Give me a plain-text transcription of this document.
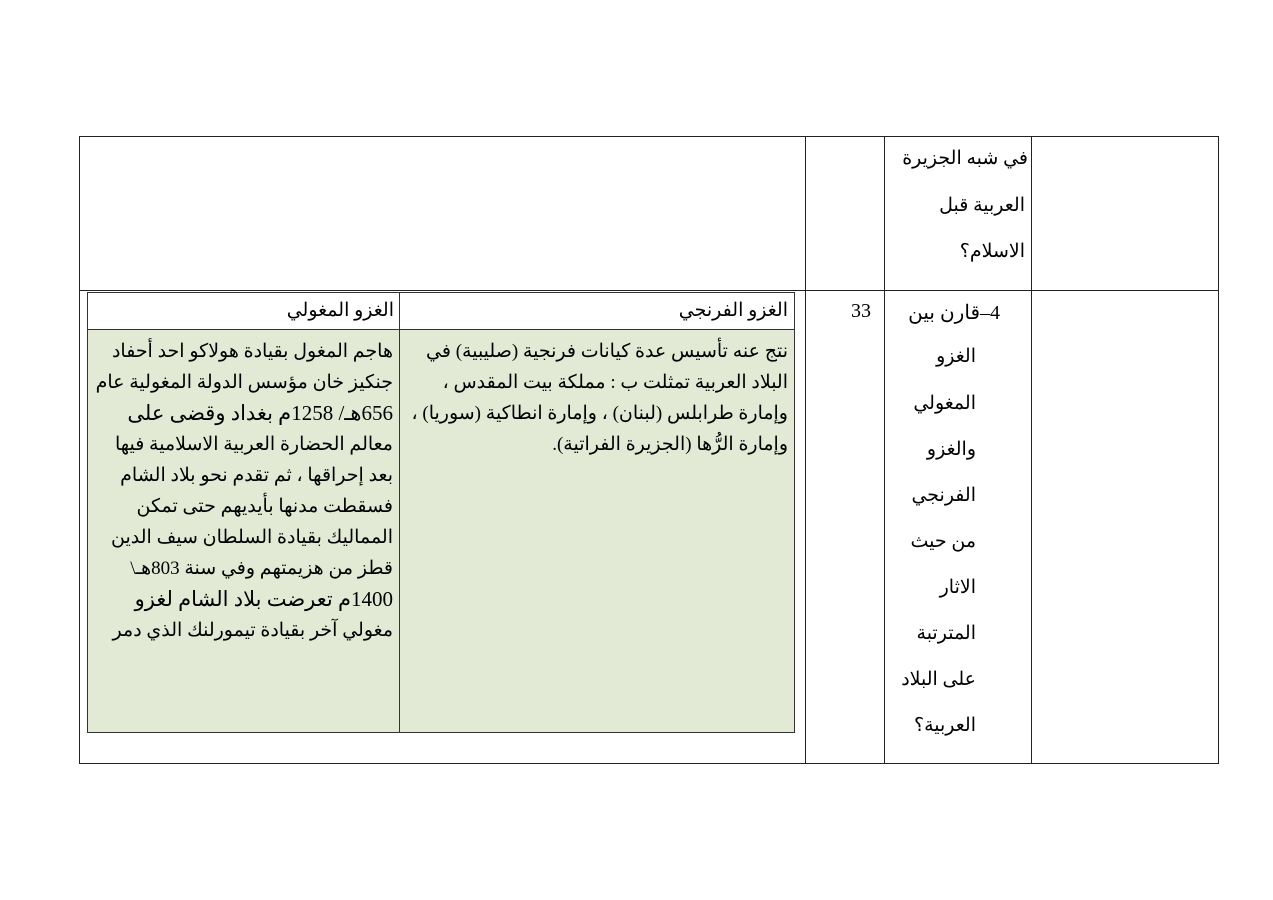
في شبه الجزيرة
العربية قبل
الاسلام؟
33 4–قارن بين
الغزو
المغولي
والغزو
الفرنجي
من حيث
الاثار
المترتبة
على البلاد
العربية؟
الغزو المغولي	الغزو الفرنجي
هاجم المغول بقيادة هولاكو احد أحفاد
جنكيز خان مؤسس الدولة المغولية عام
656هـ/ 1258م بغداد وقضى على
معالم الحضارة العربية الاسلامية فيها
بعد إحراقها ، ثم تقدم نحو بلاد الشام
فسقطت مدنها بأيديهم حتى تمكن
المماليك بقيادة السلطان سيف الدين
قطز من هزيمتهم وفي سنة 803هـ\
1400م تعرضت بلاد الشام لغزو
مغولي آخر بقيادة تيمورلنك الذي دمر
نتج عنه تأسيس عدة كيانات فرنجية (صليبية) في
البلاد العربية تمثلت ب : مملكة بيت المقدس ،
وإمارة طرابلس (لبنان) ، وإمارة انطاكية (سوريا) ،
وإمارة الرُّها (الجزيرة الفراتية).
